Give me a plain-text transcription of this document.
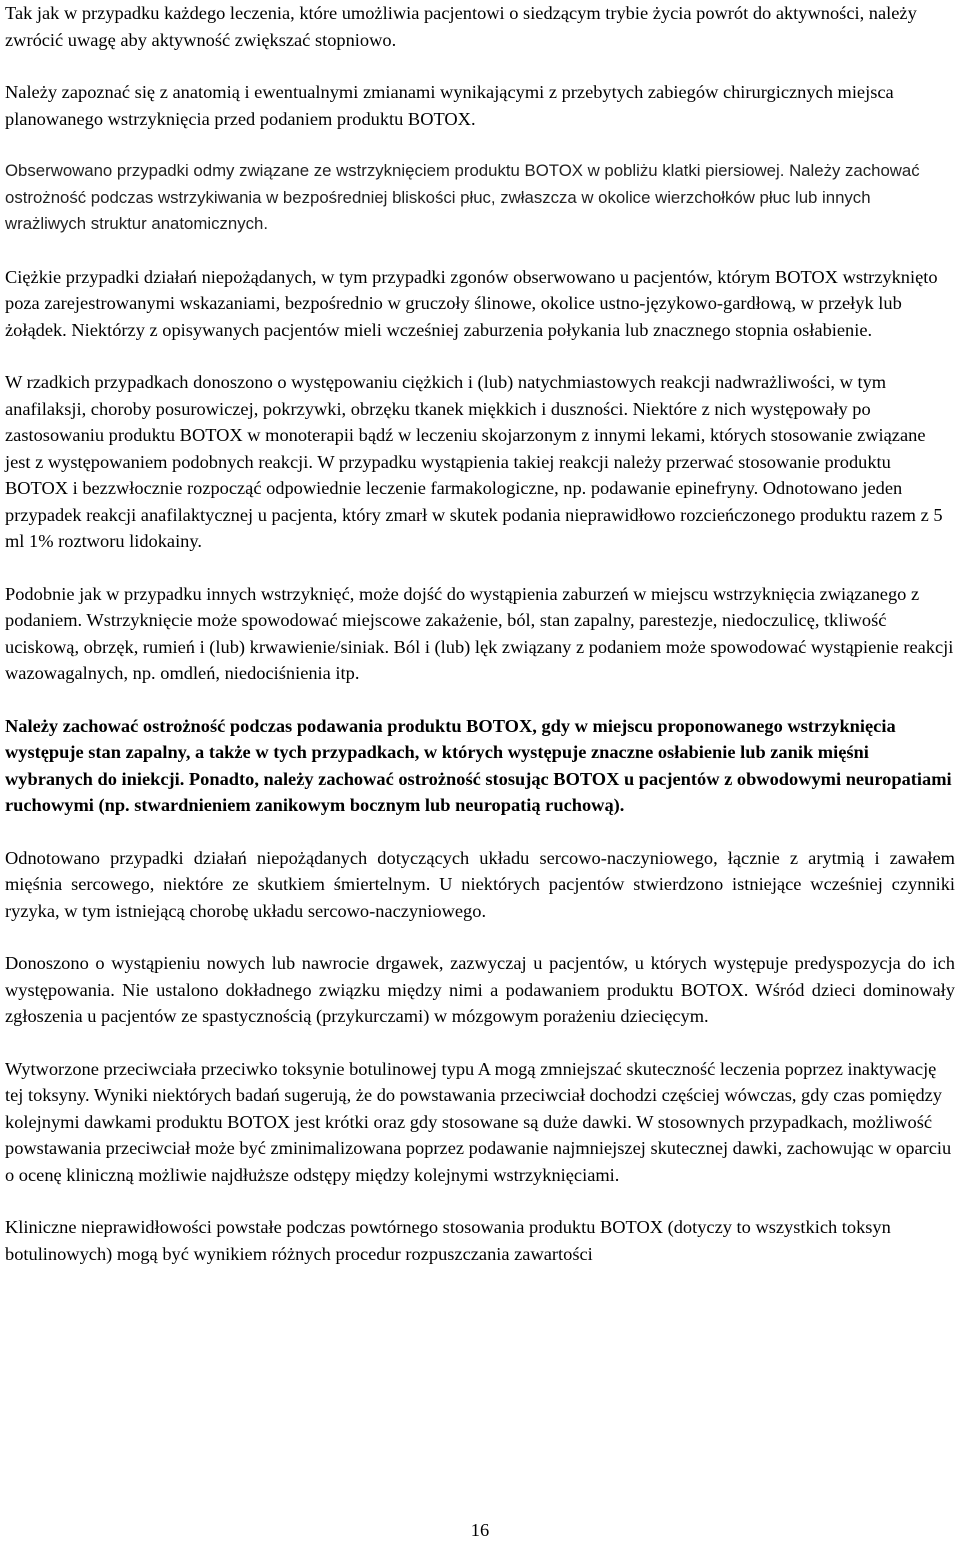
Tak jak w przypadku każdego leczenia, które umożliwia pacjentowi o siedzącym trybie życia powrót do aktywności, należy zwrócić uwagę aby aktywność zwiększać stopniowo.

Należy zapoznać się z anatomią i ewentualnymi zmianami wynikającymi z przebytych zabiegów chirurgicznych miejsca planowanego wstrzyknięcia przed podaniem produktu BOTOX.

Obserwowano przypadki odmy związane ze wstrzyknięciem produktu BOTOX w pobliżu klatki piersiowej. Należy zachować ostrożność podczas wstrzykiwania w bezpośredniej bliskości płuc, zwłaszcza w okolice wierzchołków płuc lub innych wrażliwych struktur anatomicznych.

Ciężkie przypadki działań niepożądanych, w tym przypadki zgonów obserwowano u pacjentów, którym BOTOX wstrzyknięto poza zarejestrowanymi wskazaniami, bezpośrednio w gruczoły ślinowe, okolice ustno-językowo-gardłową, w przełyk lub żołądek. Niektórzy z opisywanych pacjentów mieli wcześniej zaburzenia połykania lub znacznego stopnia osłabienie.

W rzadkich przypadkach donoszono o występowaniu ciężkich i (lub) natychmiastowych reakcji nadwrażliwości, w tym anafilaksji, choroby posurowiczej, pokrzywki, obrzęku tkanek miękkich i duszności. Niektóre z nich występowały po zastosowaniu produktu BOTOX w monoterapii bądź w leczeniu skojarzonym z innymi lekami, których stosowanie związane jest z występowaniem podobnych reakcji. W przypadku wystąpienia takiej reakcji należy przerwać stosowanie produktu BOTOX i bezzwłocznie rozpocząć odpowiednie leczenie farmakologiczne, np. podawanie epinefryny. Odnotowano jeden przypadek reakcji anafilaktycznej u pacjenta, który zmarł w skutek podania nieprawidłowo rozcieńczonego produktu razem z 5 ml 1% roztworu lidokainy.

Podobnie jak w przypadku innych wstrzyknięć, może dojść do wystąpienia zaburzeń w miejscu wstrzyknięcia związanego z podaniem. Wstrzyknięcie może spowodować miejscowe zakażenie, ból, stan zapalny, parestezje, niedoczulicę, tkliwość uciskową, obrzęk, rumień i (lub) krwawienie/siniak. Ból i (lub) lęk związany z podaniem może spowodować wystąpienie reakcji wazowagalnych, np. omdleń, niedociśnienia itp.

Należy zachować ostrożność podczas podawania produktu BOTOX, gdy w miejscu proponowanego wstrzyknięcia występuje stan zapalny, a także w tych przypadkach, w których występuje znaczne osłabienie lub zanik mięśni wybranych do iniekcji. Ponadto, należy zachować ostrożność stosując BOTOX u pacjentów z obwodowymi neuropatiami ruchowymi (np. stwardnieniem zanikowym bocznym lub neuropatią ruchową).

Odnotowano przypadki działań niepożądanych dotyczących układu sercowo-naczyniowego, łącznie z arytmią i zawałem mięśnia sercowego, niektóre ze skutkiem śmiertelnym. U niektórych pacjentów stwierdzono istniejące wcześniej czynniki ryzyka, w tym istniejącą chorobę układu sercowo-naczyniowego.

Donoszono o wystąpieniu nowych lub nawrocie drgawek, zazwyczaj u pacjentów, u których występuje predyspozycja do ich występowania. Nie ustalono dokładnego związku między nimi a podawaniem produktu BOTOX. Wśród dzieci dominowały zgłoszenia u pacjentów ze spastycznością (przykurczami) w mózgowym porażeniu dziecięcym.

Wytworzone przeciwciała przeciwko toksynie botulinowej typu A mogą zmniejszać skuteczność leczenia poprzez inaktywację tej toksyny. Wyniki niektórych badań sugerują, że do powstawania przeciwciał dochodzi częściej wówczas, gdy czas pomiędzy kolejnymi dawkami produktu BOTOX jest krótki oraz gdy stosowane są duże dawki. W stosownych przypadkach, możliwość powstawania przeciwciał może być zminimalizowana poprzez podawanie najmniejszej skutecznej dawki, zachowując w oparciu o ocenę kliniczną możliwie najdłuższe odstępy między kolejnymi wstrzyknięciami.

Kliniczne nieprawidłowości powstałe podczas powtórnego stosowania produktu BOTOX (dotyczy to wszystkich toksyn botulinowych) mogą być wynikiem różnych procedur rozpuszczania zawartości

16
